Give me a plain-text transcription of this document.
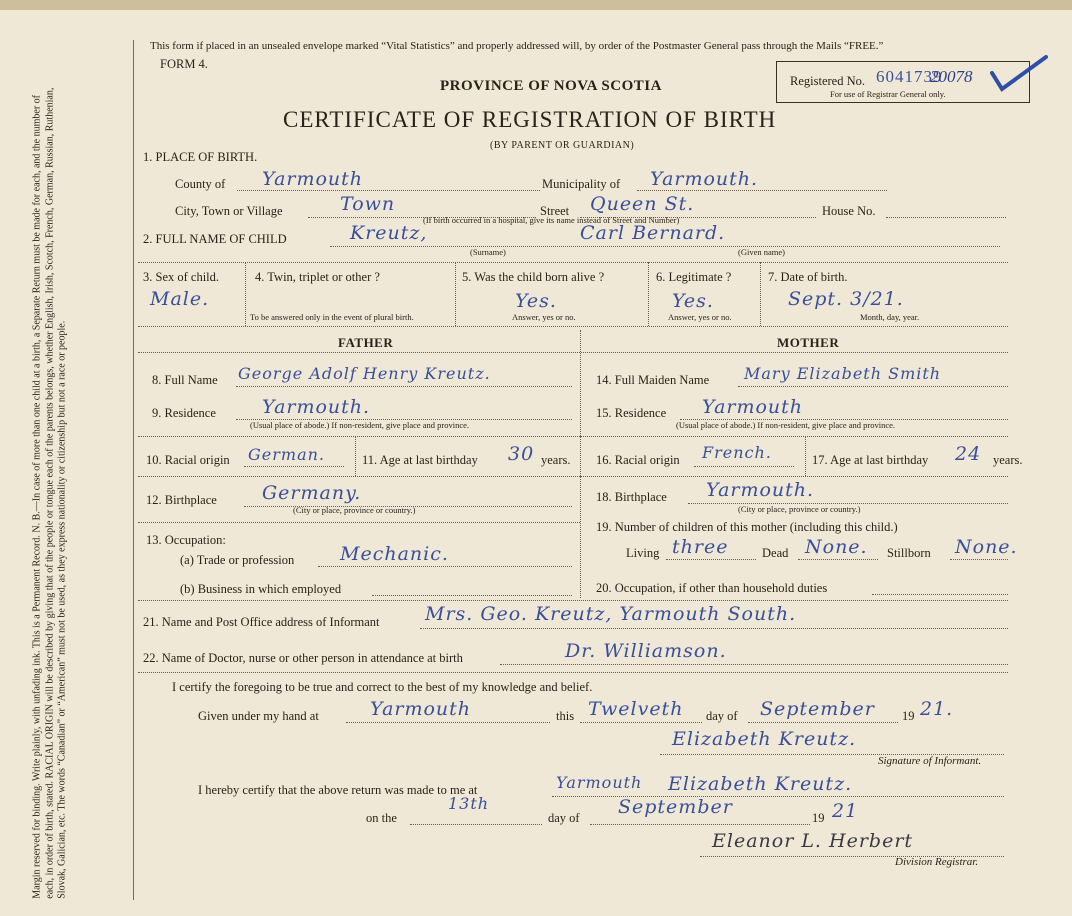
Margin reserved for binding. Write plainly, with unfading ink. This is a Permanent Record. N. B.—In case of more than one child at a birth, a Separate Return must be made for each, and the number of each, in order of birth, stated. RACIAL ORIGIN will be described by giving that of the people or tongue each of the parents belongs, whether English, Irish, Scotch, French, German, Russian, Ruthenian, Slovak, Galician, etc. The words “Canadian” or “American” must not be used, as they express nationality or citizenship but not a race or people.
This form if placed in an unsealed envelope marked “Vital Statistics” and properly addressed will, by order of the Postmaster General pass through the Mails “FREE.”
FORM 4.
Registered No. 6041739
20078
For use of Registrar General only.
PROVINCE OF NOVA SCOTIA
CERTIFICATE OF REGISTRATION OF BIRTH
(BY PARENT OR GUARDIAN)
1. PLACE OF BIRTH.
County of Yarmouth	Municipality of Yarmouth.
City, Town or Village	Town	Street Queen St.	House No.
(If birth occurred in a hospital, give its name instead of Street and Number)
2. FULL NAME OF CHILD	Kreutz,	Carl Bernard.
(Surname)	(Given name)
3. Sex of child.
Male.
4. Twin, triplet or other ?
To be answered only in the event of plural birth.
5. Was the child born alive ?
Yes.
Answer, yes or no.
6. Legitimate ?
Yes.
Answer, yes or no.
7. Date of birth.
Sept. 3/21.
Month, day, year.
FATHER	MOTHER
8. Full Name George Adolf Henry Kreutz.
9. Residence Yarmouth.
(Usual place of abode.) If non-resident, give place and province.
10. Racial origin German.	11. Age at last birthday 30 years.
12. Birthplace Germany.
(City or place, province or country.)
13. Occupation:
(a) Trade or profession Mechanic.
(b) Business in which employed
14. Full Maiden Name Mary Elizabeth Smith
15. Residence Yarmouth
(Usual place of abode.) If non-resident, give place and province.
16. Racial origin French.	17. Age at last birthday 24 years.
18. Birthplace Yarmouth.
(City or place, province or country.)
19. Number of children of this mother (including this child.)
Living three	Dead None. Stillborn None.
20. Occupation, if other than household duties
21. Name and Post Office address of Informant Mrs. Geo. Kreutz, Yarmouth South.
22. Name of Doctor, nurse or other person in attendance at birth	Dr. Williamson.
I certify the foregoing to be true and correct to the best of my knowledge and belief.
Given under my hand at	Yarmouth	this Twelveth day of September 19 21.
Elizabeth Kreutz.
Signature of Informant.
I hereby certify that the above return was made to me at	Yarmouth Elizabeth Kreutz.
on the
13th
day of September	19 21
Eleanor L. Herbert
Division Registrar.
